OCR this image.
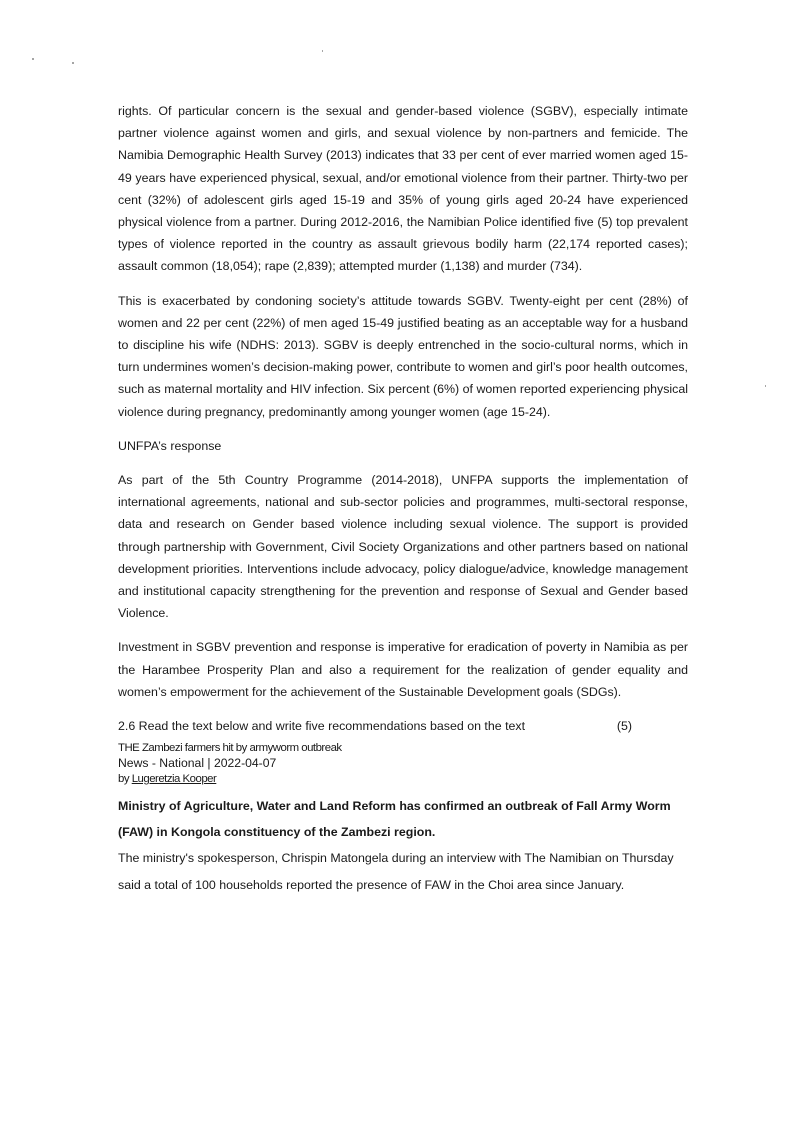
rights. Of particular concern is the sexual and gender-based violence (SGBV), especially intimate partner violence against women and girls, and sexual violence by non-partners and femicide. The Namibia Demographic Health Survey (2013) indicates that 33 per cent of ever married women aged 15-49 years have experienced physical, sexual, and/or emotional violence from their partner. Thirty-two per cent (32%) of adolescent girls aged 15-19 and 35% of young girls aged 20-24 have experienced physical violence from a partner. During 2012-2016, the Namibian Police identified five (5) top prevalent types of violence reported in the country as assault grievous bodily harm (22,174 reported cases); assault common (18,054); rape (2,839); attempted murder (1,138) and murder (734).

This is exacerbated by condoning society’s attitude towards SGBV. Twenty-eight per cent (28%) of women and 22 per cent (22%) of men aged 15-49 justified beating as an acceptable way for a husband to discipline his wife (NDHS: 2013). SGBV is deeply entrenched in the socio-cultural norms, which in turn undermines women’s decision-making power, contribute to women and girl’s poor health outcomes, such as maternal mortality and HIV infection. Six percent (6%) of women reported experiencing physical violence during pregnancy, predominantly among younger women (age 15-24).

UNFPA’s response

As part of the 5th Country Programme (2014-2018), UNFPA supports the implementation of international agreements, national and sub-sector policies and programmes, multi-sectoral response, data and research on Gender based violence including sexual violence. The support is provided through partnership with Government, Civil Society Organizations and other partners based on national development priorities. Interventions include advocacy, policy dialogue/advice, knowledge management and institutional capacity strengthening for the prevention and response of Sexual and Gender based Violence.

Investment in SGBV prevention and response is imperative for eradication of poverty in Namibia as per the Harambee Prosperity Plan and also a requirement for the realization of gender equality and women’s empowerment for the achievement of the Sustainable Development goals (SDGs).

2.6 Read the text below and write five recommendations based on the text	(5)

THE Zambezi farmers hit by armyworm outbreak

News - National | 2022-04-07

by Lugeretzia Kooper

Ministry of Agriculture, Water and Land Reform has confirmed an outbreak of Fall Army Worm (FAW) in Kongola constituency of the Zambezi region.

The ministry's spokesperson, Chrispin Matongela during an interview with The Namibian on Thursday said a total of 100 households reported the presence of FAW in the Choi area since January.
